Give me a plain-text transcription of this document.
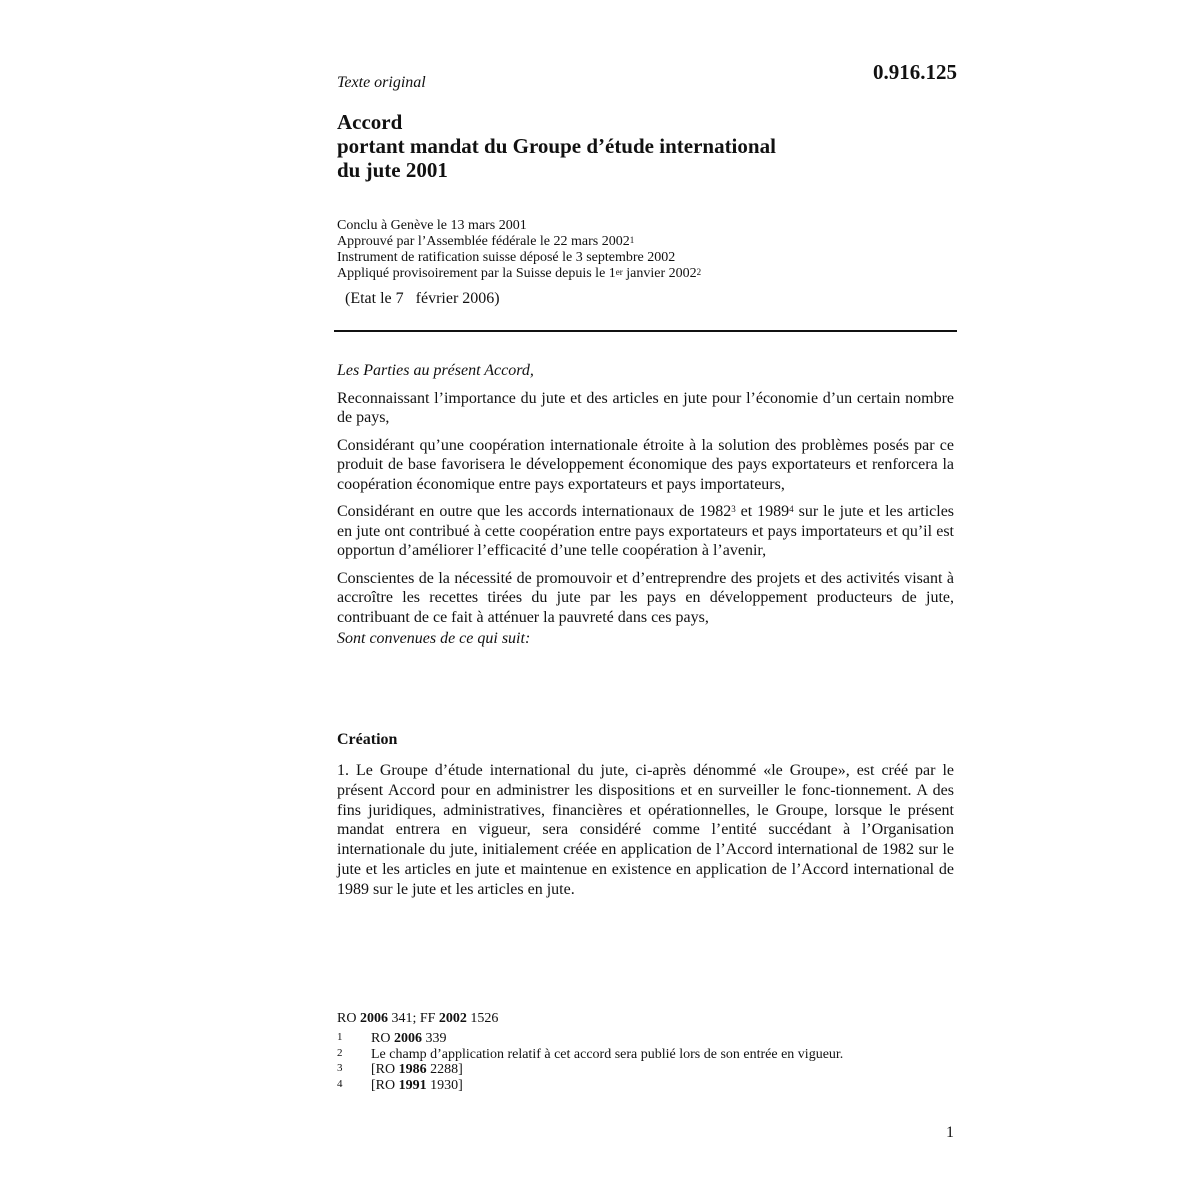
0.916.125
Texte original
Accord
portant mandat du Groupe d’étude international
du jute 2001
Conclu à Genève le 13 mars 2001
Approuvé par l’Assemblée fédérale le 22 mars 2002$^1$
Instrument de ratification suisse déposé le 3 septembre 2002
Appliqué provisoirement par la Suisse depuis le 1er janvier 2002$^2$
(Etat le 7   février 2006)

Les Parties au présent Accord,

Reconnaissant l’importance du jute et des articles en jute pour l’économie d’un certain nombre de pays,

Considérant qu’une coopération internationale étroite à la solution des problèmes posés par ce produit de base favorisera le développement économique des pays exportateurs et renforcera la coopération économique entre pays exportateurs et pays importateurs,

Considérant en outre que les accords internationaux de 1982$^3$ et 1989$^4$ sur le jute et les articles en jute ont contribué à cette coopération entre pays exportateurs et pays importateurs et qu’il est opportun d’améliorer l’efficacité d’une telle coopération à l’avenir,

Conscientes de la nécessité de promouvoir et d’entreprendre des projets et des activités visant à accroître les recettes tirées du jute par les pays en développement producteurs de jute, contribuant de ce fait à atténuer la pauvreté dans ces pays,

Sont convenues de ce qui suit:

Création
1. Le Groupe d’étude international du jute, ci-après dénommé «le Groupe», est créé par le présent Accord pour en administrer les dispositions et en surveiller le fonc-tionnement. A des fins juridiques, administratives, financières et opérationnelles, le Groupe, lorsque le présent mandat entrera en vigueur, sera considéré comme l’entité succédant à l’Organisation internationale du jute, initialement créée en application de l’Accord international de 1982 sur le jute et les articles en jute et maintenue en existence en application de l’Accord international de 1989 sur le jute et les articles en jute.
RO 2006 341; FF 2002 1526
1	RO 2006 339
2	Le champ d’application relatif à cet accord sera publié lors de son entrée en vigueur.
3	[RO 1986 2288]
4	[RO 1991 1930]
1
